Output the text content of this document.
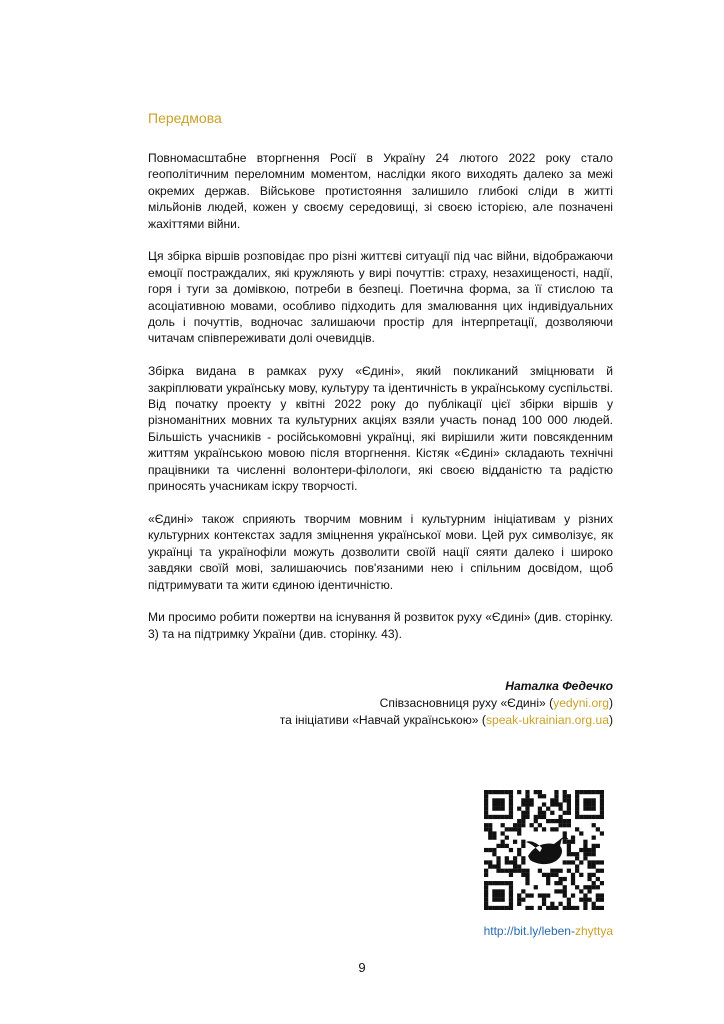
Передмова

Повномасштабне вторгнення Росії в Україну 24 лютого 2022 року стало геополітичним переломним моментом, наслідки якого виходять далеко за межі окремих держав. Військове протистояння залишило глибокі сліди в житті мільйонів людей, кожен у своєму середовищі, зі своєю історією, але позначені жахіттями війни.

Ця збірка віршів розповідає про різні життєві ситуації під час війни, відображаючи емоції постраждалих, які кружляють у вирі почуттів: страху, незахищеності, надії, горя і туги за домівкою, потреби в безпеці. Поетична форма, за її стислою та асоціативною мовами, особливо підходить для змалювання цих індивідуальних доль і почуттів, водночас залишаючи простір для інтерпретації, дозволяючи читачам співпереживати долі очевидців.

Збірка видана в рамках руху «Єдині», який покликаний зміцнювати й закріплювати українську мову, культуру та ідентичність в українському суспільстві. Від початку проекту у квітні 2022 року до публікації цієї збірки віршів у різноманітних мовних та культурних акціях взяли участь понад 100 000 людей. Більшість учасників - російськомовні українці, які вирішили жити повсякденним життям українською мовою після вторгнення. Кістяк «Єдині» складають технічні працівники та численні волонтери-філологи, які своєю відданістю та радістю приносять учасникам іскру творчості.

«Єдині» також сприяють творчим мовним і культурним ініціативам у різних культурних контекстах задля зміцнення української мови. Цей рух символізує, як українці та українофіли можуть дозволити своїй нації сяяти далеко і широко завдяки своїй мові, залишаючись пов'язаними нею і спільним досвідом, щоб підтримувати та жити єдиною ідентичністю.

Ми просимо робити пожертви на існування й розвиток руху «Єдині» (див. сторінку. 3) та на підтримку України (див. сторінку. 43).

Наталка Федечко
Співзасновниця руху «Єдині» (yedyni.org)
та ініціативи «Навчай українською» (speak-ukrainian.org.ua)
http://bit.ly/leben-zhyttya
9
